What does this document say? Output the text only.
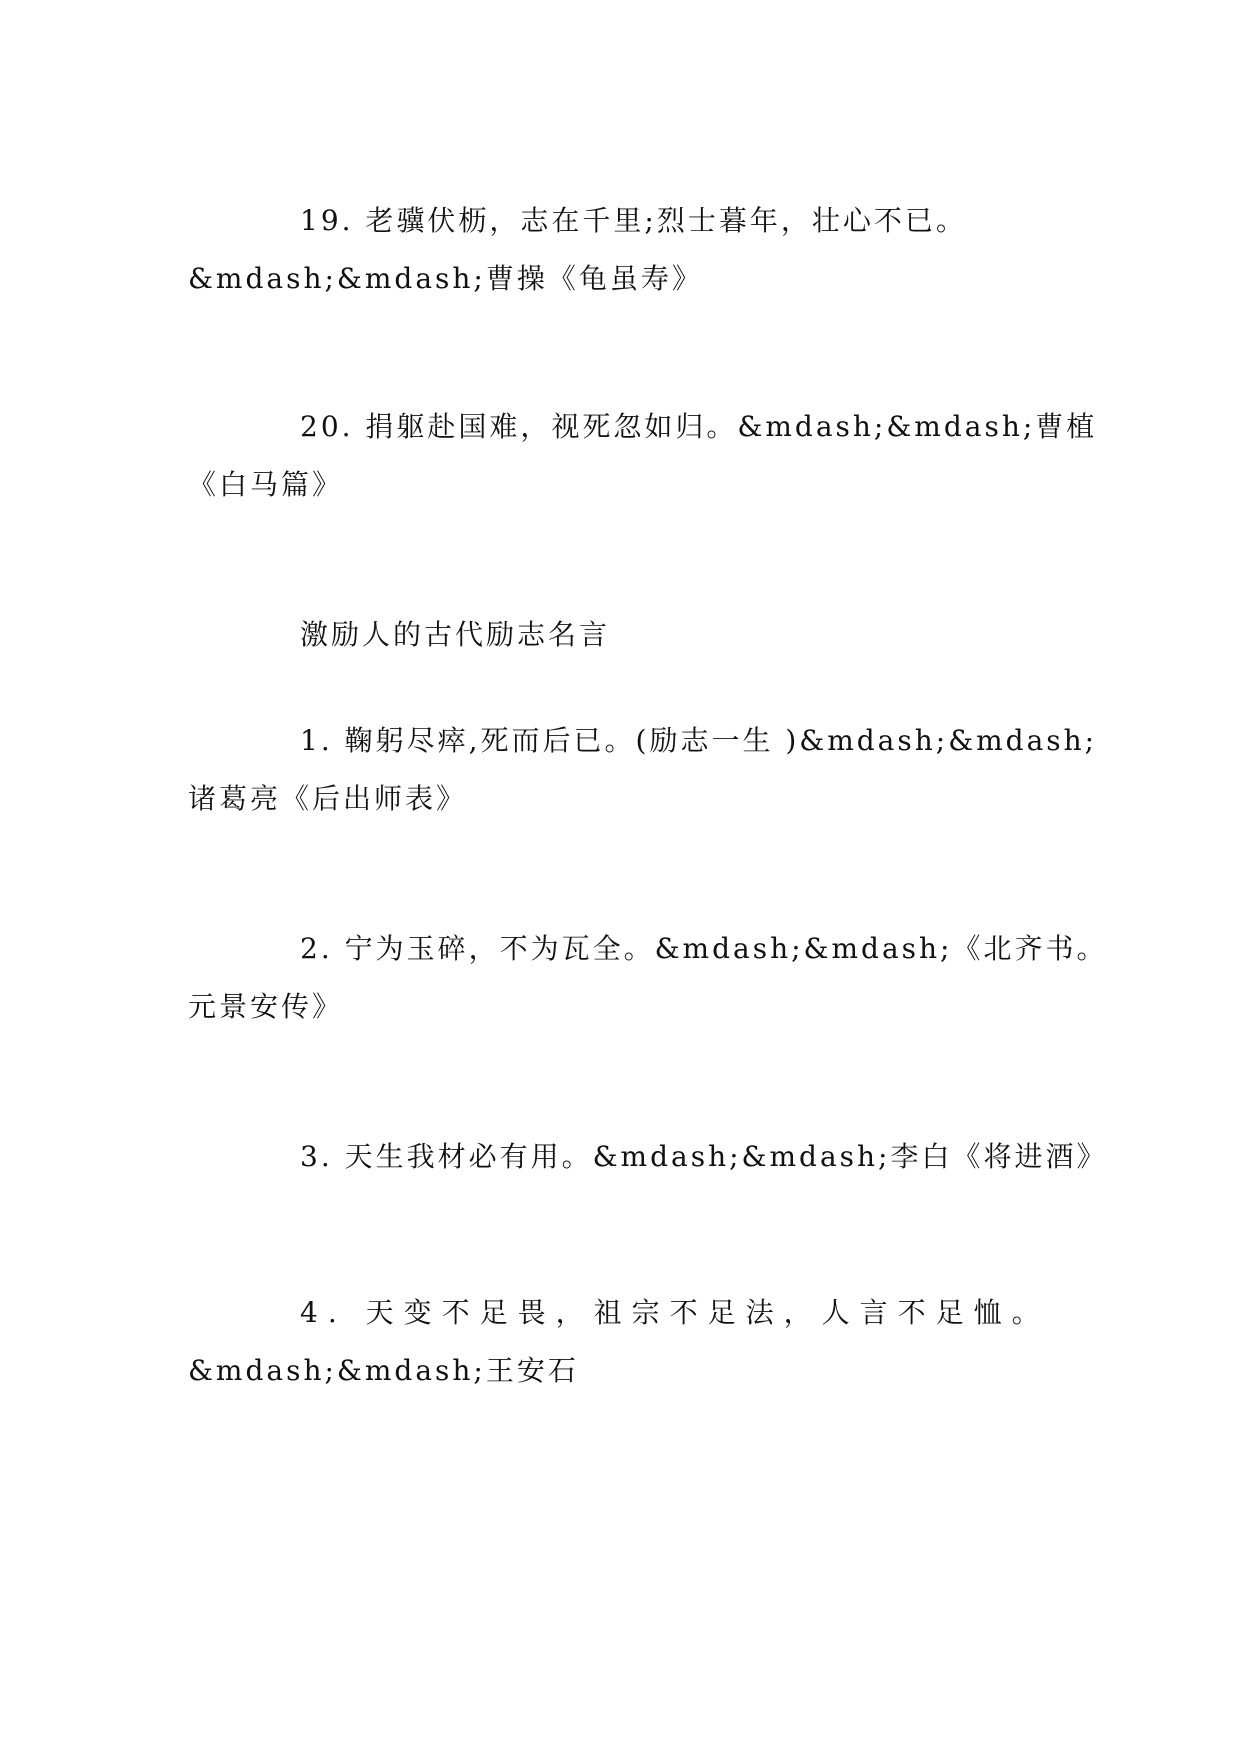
19. 老骥伏枥，志在千里;烈士暮年，壮心不已。
&mdash;&mdash;曹操《龟虽寿》

20. 捐躯赴国难，视死忽如归。&mdash;&mdash;曹植
《白马篇》

激励人的古代励志名言

1. 鞠躬尽瘁,死而后已。(励志一生 )&mdash;&mdash;
诸葛亮《后出师表》

2. 宁为玉碎，不为瓦全。&mdash;&mdash;《北齐书。
元景安传》

3. 天生我材必有用。&mdash;&mdash;李白《将进酒》

4. 天变不足畏，祖宗不足法，人言不足恤。
&mdash;&mdash;王安石
